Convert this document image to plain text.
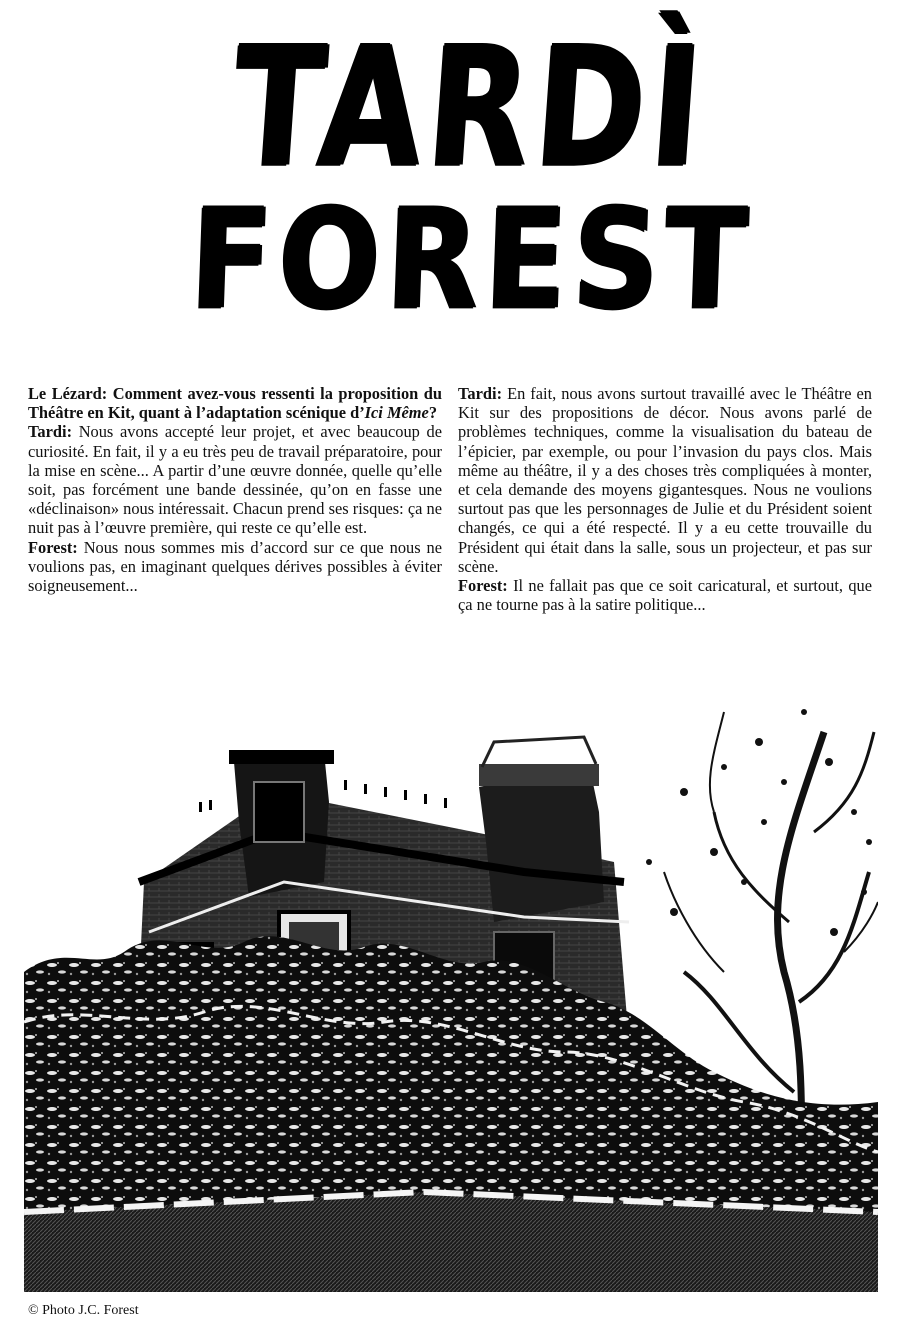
TARDÌ
FOREST

Le Lézard: Comment avez-vous ressenti la proposition du Théâtre en Kit, quant à l’adaptation scénique d’Ici Même?

Tardi: Nous avons accepté leur projet, et avec beaucoup de curiosité. En fait, il y a eu très peu de travail préparatoire, pour la mise en scène... A partir d’une œuvre donnée, quelle qu’elle soit, pas forcément une bande dessinée, qu’on en fasse une «déclinaison» nous intéressait. Chacun prend ses risques: ça ne nuit pas à l’œuvre première, qui reste ce qu’elle est.

Forest: Nous nous sommes mis d’accord sur ce que nous ne voulions pas, en imaginant quelques dérives possibles à éviter soigneusement...

Tardi: En fait, nous avons surtout travaillé avec le Théâtre en Kit sur des propositions de décor. Nous avons parlé de problèmes techniques, comme la visualisation du bateau de l’épicier, par exemple, ou pour l’invasion du pays clos. Mais même au théâtre, il y a des choses très compliquées à monter, et cela demande des moyens gigantesques. Nous ne voulions surtout pas que les personnages de Julie et du Président soient changés, ce qui a été respecté. Il y a eu cette trouvaille du Président qui était dans la salle, sous un projecteur, et pas sur scène.

Forest: Il ne fallait pas que ce soit caricatural, et surtout, que ça ne tourne pas à la satire politique...

© Photo J.C. Forest
